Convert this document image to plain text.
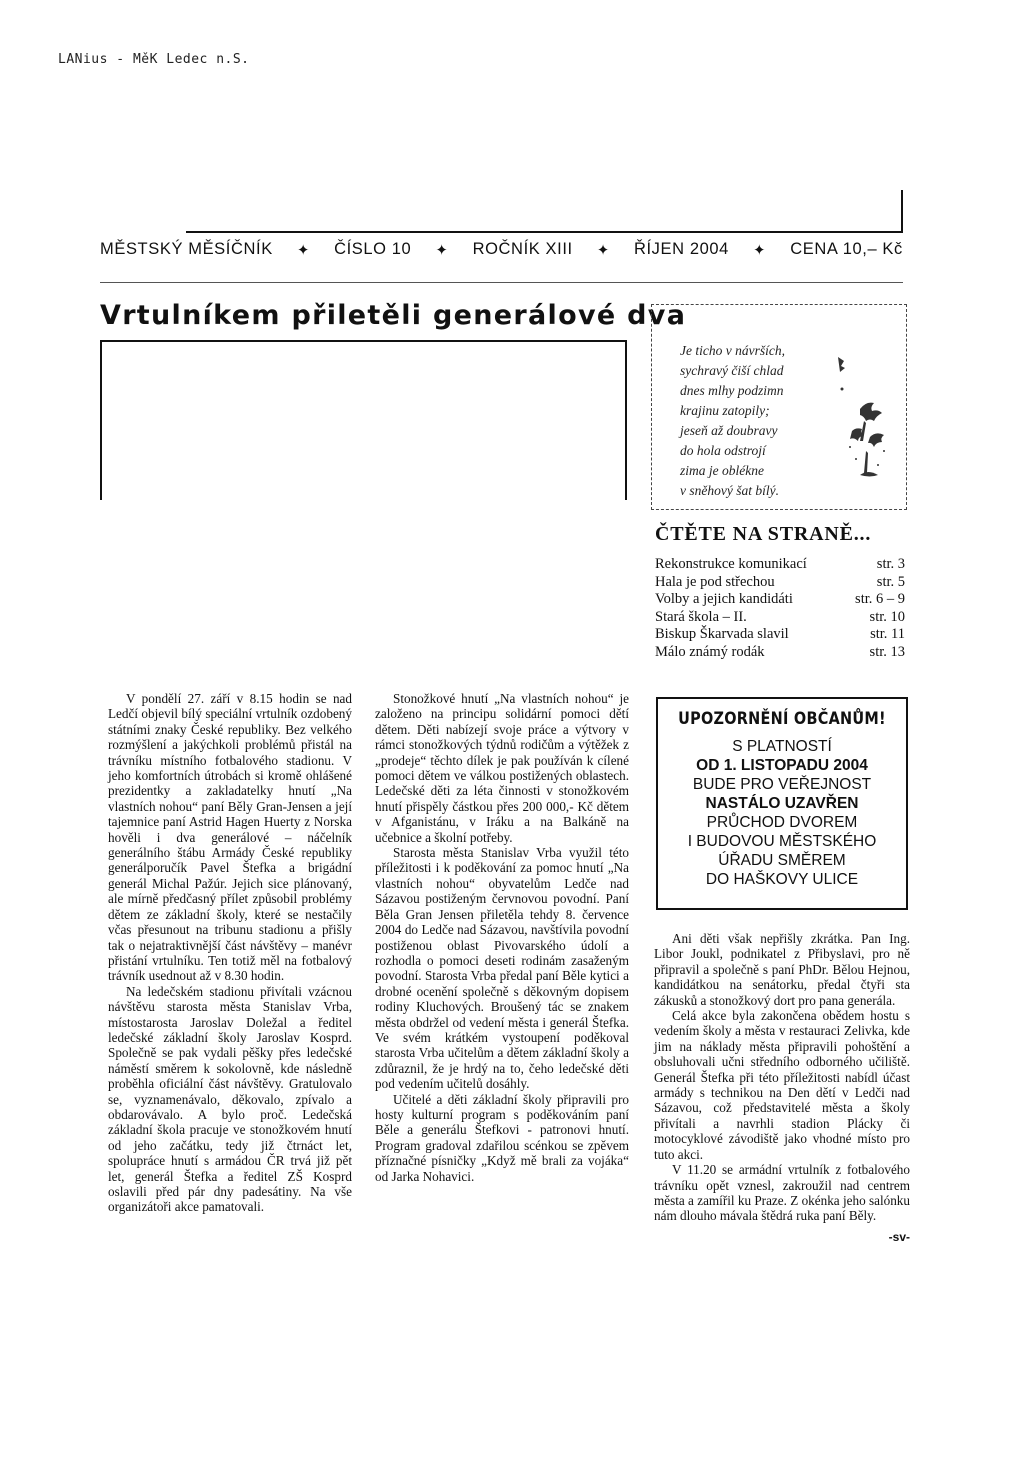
LANius - MěK Ledec n.S.
MĚSTSKÝ MĚSÍČNÍK ✦ ČÍSLO 10 ✦ ROČNÍK XIII ✦ ŘÍJEN 2004 ✦ CENA 10,– Kč
Vrtulníkem přiletěli generálové dva
Je ticho v návrších,
sychravý čiší chlad
dnes mlhy podzimn
krajinu zatopily;
jeseň až doubravy
do hola odstrojí
zima je oblékne
v sněhový šat bílý.
ČTĚTE NA STRANĚ...
Rekonstrukce komunikací	str. 3
Hala je pod střechou	str. 5
Volby a jejich kandidáti	str. 6 – 9
Stará škola – II.	str. 10
Biskup Škarvada slavil	str. 11
Málo známý rodák	str. 13

V pondělí 27. září v 8.15 hodin se nad Ledčí objevil bílý speciální vrtulník ozdobený státními znaky České republiky. Bez velkého rozmýšlení a jakýchkoli problémů přistál na trávníku místního fotbalového stadionu. V jeho komfortních útrobách si kromě ohlášené prezidentky a zakladatelky hnutí „Na vlastních nohou“ paní Běly Gran-Jensen a její tajemnice paní Astrid Hagen Huerty z Norska hověli i dva generálové – náčelník generálního štábu Armády České republiky generálporučík Pavel Štefka a brigádní generál Michal Pažúr. Jejich sice plánovaný, ale mírně předčasný přílet způsobil problémy dětem ze základní školy, které se nestačily včas přesunout na tribunu stadionu a přišly tak o nejatraktivnější část návštěvy – manévr přistání vrtulníku. Ten totiž měl na fotbalový trávník usednout až v 8.30 hodin.

Na ledečském stadionu přivítali vzácnou návštěvu starosta města Stanislav Vrba, místostarosta Jaroslav Doležal a ředitel ledečské základní školy Jaroslav Kosprd. Společně se pak vydali pěšky přes ledečské náměstí směrem k sokolovně, kde následně proběhla oficiální část návštěvy. Gratulovalo se, vyznamenávalo, děkovalo, zpívalo a obdarovávalo. A bylo proč. Ledečská základní škola pracuje ve stonožkovém hnutí od jeho začátku, tedy již čtrnáct let, spolupráce hnutí s armádou ČR trvá již pět let, generál Štefka a ředitel ZŠ Kosprd oslavili před pár dny padesátiny. Na vše organizátoři akce pamatovali.

Stonožkové hnutí „Na vlastních nohou“ je založeno na principu solidární pomoci dětí dětem. Děti nabízejí svoje práce a výtvory v rámci stonožkových týdnů rodičům a výtěžek z „prodeje“ těchto dílek je pak používán k cílené pomoci dětem ve válkou postižených oblastech. Ledečské děti za léta činnosti v stonožkovém hnutí přispěly částkou přes 200 000,- Kč dětem v Afganistánu, v Iráku a na Balkáně na učebnice a školní potřeby.

Starosta města Stanislav Vrba využil této příležitosti i k poděkování za pomoc hnutí „Na vlastních nohou“ obyvatelům Ledče nad Sázavou postiženým červnovou povodní. Paní Běla Gran Jensen přiletěla tehdy 8. července 2004 do Ledče nad Sázavou, navštívila povodní postiženou oblast Pivovarského údolí a rozhodla o pomoci deseti rodinám zasaženým povodní. Starosta Vrba předal paní Běle kytici a drobné ocenění společně s děkovným dopisem rodiny Kluchových. Broušený tác se znakem města obdržel od vedení města i generál Štefka. Ve svém krátkém vystoupení poděkoval starosta Vrba učitelům a dětem základní školy a zdůraznil, že je hrdý na to, čeho ledečské děti pod vedením učitelů dosáhly.

Učitelé a děti základní školy připravili pro hosty kulturní program s poděkováním paní Běle a generálu Štefkovi - patronovi hnutí. Program gradoval zdařilou scénkou se zpěvem příznačné písničky „Když mě brali za vojáka“ od Jarka Nohavici.

UPOZORNĚNÍ OBČANŮM!
S PLATNOSTÍ
OD 1. LISTOPADU 2004
BUDE PRO VEŘEJNOST
NASTÁLO UZAVŘEN
PRŮCHOD DVOREM
I BUDOVOU MĚSTSKÉHO
ÚŘADU SMĚREM
DO HAŠKOVY ULICE

Ani děti však nepřišly zkrátka. Pan Ing. Libor Joukl, podnikatel z Přibyslavi, pro ně připravil a společně s paní PhDr. Bělou Hejnou, kandidátkou na senátorku, předal čtyři sta zákusků a stonožkový dort pro pana generála.

Celá akce byla zakončena obědem hostu s vedením školy a města v restauraci Zelivka, kde jim na náklady města připravili pohoštění a obsluhovali učni středního odborného učiliště. Generál Štefka při této příležitosti nabídl účast armády s technikou na Den dětí v Ledči nad Sázavou, což představitelé města a školy přivítali a navrhli stadion Plácky či motocyklové závodiště jako vhodné místo pro tuto akci.

V 11.20 se armádní vrtulník z fotbalového trávníku opět vznesl, zakroužil nad centrem města a zamířil ku Praze. Z okénka jeho salónku nám dlouho mávala štědrá ruka paní Běly.

-sv-
